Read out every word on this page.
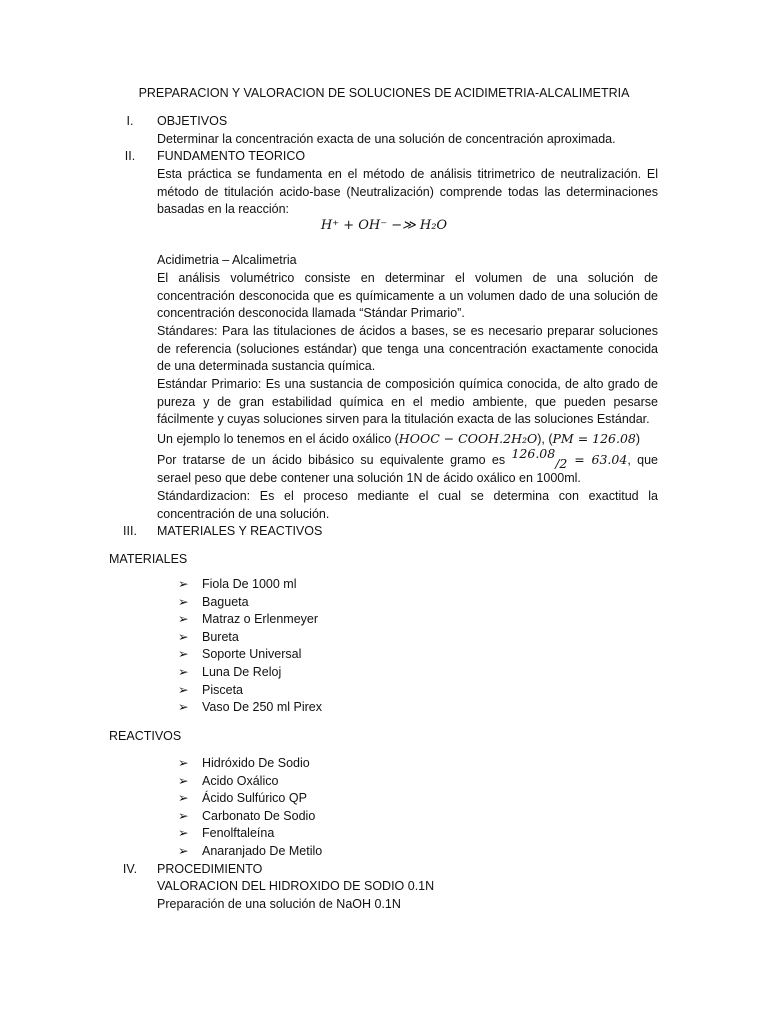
PREPARACION Y VALORACION DE SOLUCIONES DE ACIDIMETRIA-ALCALIMETRIA
I.	OBJETIVOS
Determinar la concentración exacta de una solución de concentración aproximada.
II.	FUNDAMENTO TEORICO
Esta práctica se fundamenta en el método de análisis titrimetrico de neutralización. El método de titulación acido-base (Neutralización) comprende todas las determinaciones basadas en la reacción:
H⁺ + OH⁻ −≫ H₂O
Acidimetria – Alcalimetria
El análisis volumétrico consiste en determinar el volumen de una solución de concentración desconocida que es químicamente a un volumen dado de una solución de concentración desconocida llamada “Stándar Primario”.
Stándares: Para las titulaciones de ácidos a bases, se es necesario preparar soluciones de referencia (soluciones estándar) que tenga una concentración exactamente conocida de una determinada sustancia química.
Estándar Primario: Es una sustancia de composición química conocida, de alto grado de pureza y de gran estabilidad química en el medio ambiente, que pueden pesarse fácilmente y cuyas soluciones sirven para la titulación exacta de las soluciones Estándar.
Un ejemplo lo tenemos en el ácido oxálico (HOOC − COOH.2H₂O), (PM = 126.08)
Por tratarse de un ácido bibásico su equivalente gramo es 126.08/2 = 63.04, que serael peso que debe contener una solución 1N de ácido oxálico en 1000ml.
Stándardizacion: Es el proceso mediante el cual se determina con exactitud la concentración de una solución.
III.	MATERIALES Y REACTIVOS
MATERIALES
➢ Fiola De 1000 ml
➢ Bagueta
➢ Matraz o Erlenmeyer
➢ Bureta
➢ Soporte Universal
➢ Luna De Reloj
➢ Pisceta
➢ Vaso De 250 ml Pirex
REACTIVOS
➢ Hidróxido De Sodio
➢ Acido Oxálico
➢ Ácido Sulfúrico QP
➢ Carbonato De Sodio
➢ Fenolftaleína
➢ Anaranjado De Metilo
IV.	PROCEDIMIENTO
VALORACION DEL HIDROXIDO DE SODIO 0.1N
Preparación de una solución de NaOH 0.1N
